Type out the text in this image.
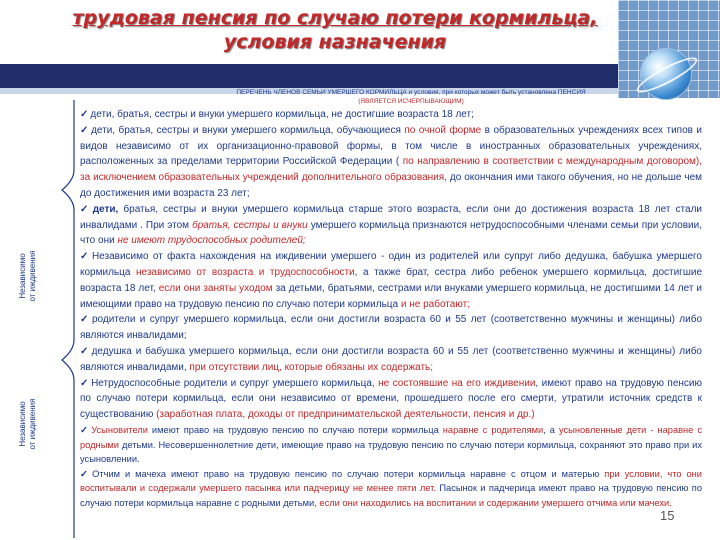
трудовая пенсия по случаю потери кормильца,
условия назначения
Независимо
от иждивения
Независимо
от иждивения
ПЕРЕЧЕНЬ ЧЛЕНОВ СЕМЬИ УМЕРШЕГО КОРМИЛЬЦА и условия, при которых может быть установлена ПЕНСИЯ
(ЯВЛЯЕТСЯ ИСЧЕРПЫВАЮЩИМ)
✓ дети, братья, сестры и внуки умершего кормильца, не достигшие возраста 18 лет;
✓ дети, братья, сестры и внуки умершего кормильца, обучающиеся по очной форме в образовательных учреждениях всех типов и видов независимо от их организационно-правовой формы, в том числе в иностранных образовательных учреждениях, расположенных за пределами территории Российской Федерации ( по направлению в соответствии с международным договором), за исключением образовательных учреждений дополнительного образования, до окончания ими такого обучения, но не дольше чем до достижения ими возраста 23 лет;
✓ дети, братья, сестры и внуки умершего кормильца старше этого возраста, если они до достижения возраста 18 лет стали инвалидами . При этом братья, сестры и внуки умершего кормильца признаются нетрудоспособными членами семьи при условии, что они не имеют трудоспособных родителей;
✓ Независимо от факта нахождения на иждивении умершего - один из родителей или супруг либо дедушка, бабушка умершего кормильца независимо от возраста и трудоспособности, а также брат, сестра либо ребенок умершего кормильца, достигшие возраста 18 лет, если они заняты уходом за детьми, братьями, сестрами или внуками умершего кормильца, не достигшими 14 лет и имеющими право на трудовую пенсию по случаю потери кормильца и не работают;
✓ родители и супруг умершего кормильца, если они достигли возраста 60 и 55 лет (соответственно мужчины и женщины) либо являются инвалидами;
✓ дедушка и бабушка умершего кормильца, если они достигли возраста 60 и 55 лет (соответственно мужчины и женщины) либо являются инвалидами, при отсутствии лиц, которые обязаны их содержать;
✓ Нетрудоспособные родители и супруг умершего кормильца, не состоявшие на его иждивении, имеют право на трудовую пенсию по случаю потери кормильца, если они независимо от времени, прошедшего после его смерти, утратили источник средств к существованию (заработная плата, доходы от предпринимательской деятельности, пенсия и др.)
✓ Усыновители имеют право на трудовую пенсию по случаю потери кормильца наравне с родителями, а усыновленные дети - наравне с родными детьми. Несовершеннолетние дети, имеющие право на трудовую пенсию по случаю потери кормильца, сохраняют это право при их усыновлении.
✓ Отчим и мачеха имеют право на трудовую пенсию по случаю потери кормильца наравне с отцом и матерью при условии, что они воспитывали и содержали умершего пасынка или падчерицу не менее пяти лет. Пасынок и падчерица имеют право на трудовую пенсию по случаю потери кормильца наравне с родными детьми, если они находились на воспитании и содержании умершего отчима или мачехи.
15
